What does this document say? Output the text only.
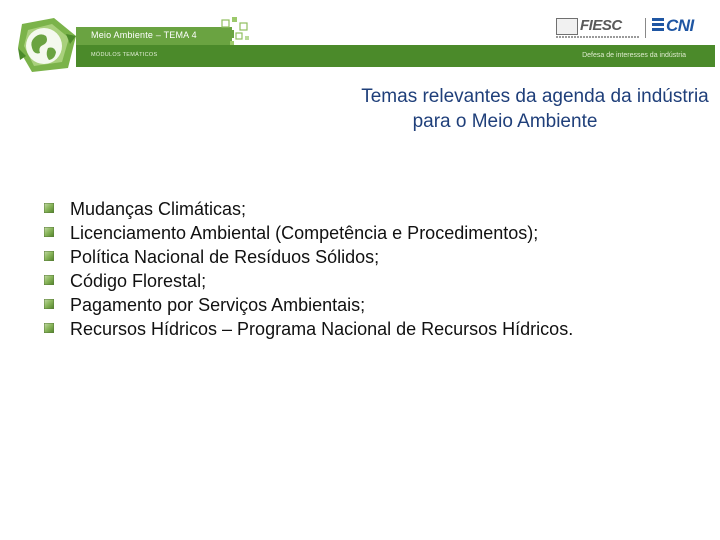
Meio Ambiente – TEMA 4
MÓDULOS TEMÁTICOS	Defesa de interesses da indústria
FIESC	CNI
Temas relevantes da agenda da indústria
para o Meio Ambiente
Mudanças Climáticas;
Licenciamento Ambiental (Competência e Procedimentos);
Política Nacional de Resíduos Sólidos;
Código Florestal;
Pagamento por Serviços Ambientais;
Recursos Hídricos – Programa Nacional de Recursos Hídricos.
